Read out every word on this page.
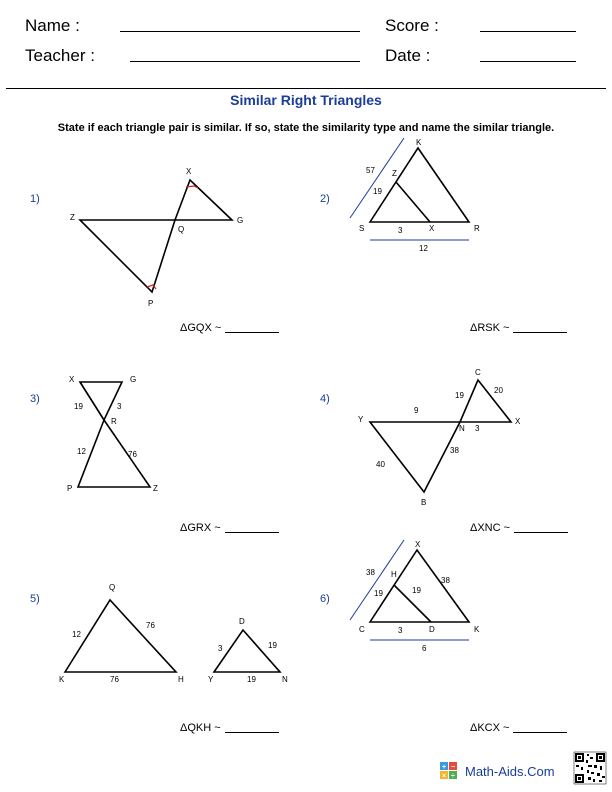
Name :	Score :
Teacher :	Date :
Similar Right Triangles
State if each triangle pair is similar. If so, state the similarity type and name the similar triangle.
1)	2)
3)	4)
5)	6)
ΔGQX ~	ΔRSK ~
ΔGRX ~	ΔXNC ~
ΔQKH ~	ΔKCX ~
X
Z
Q
G
P
K
Z
S	X	R
57
19
3
12
X	G
R
P	Z
19	3
12	76
C
Y
N
X
B
19
20
9
3
38
40
Q
K	H
D
Y	N
12
76
76
3	19
19
X
H
C	D	K
38
38
19	19
3
6
+ −
× ÷ Math-Aids.Com
